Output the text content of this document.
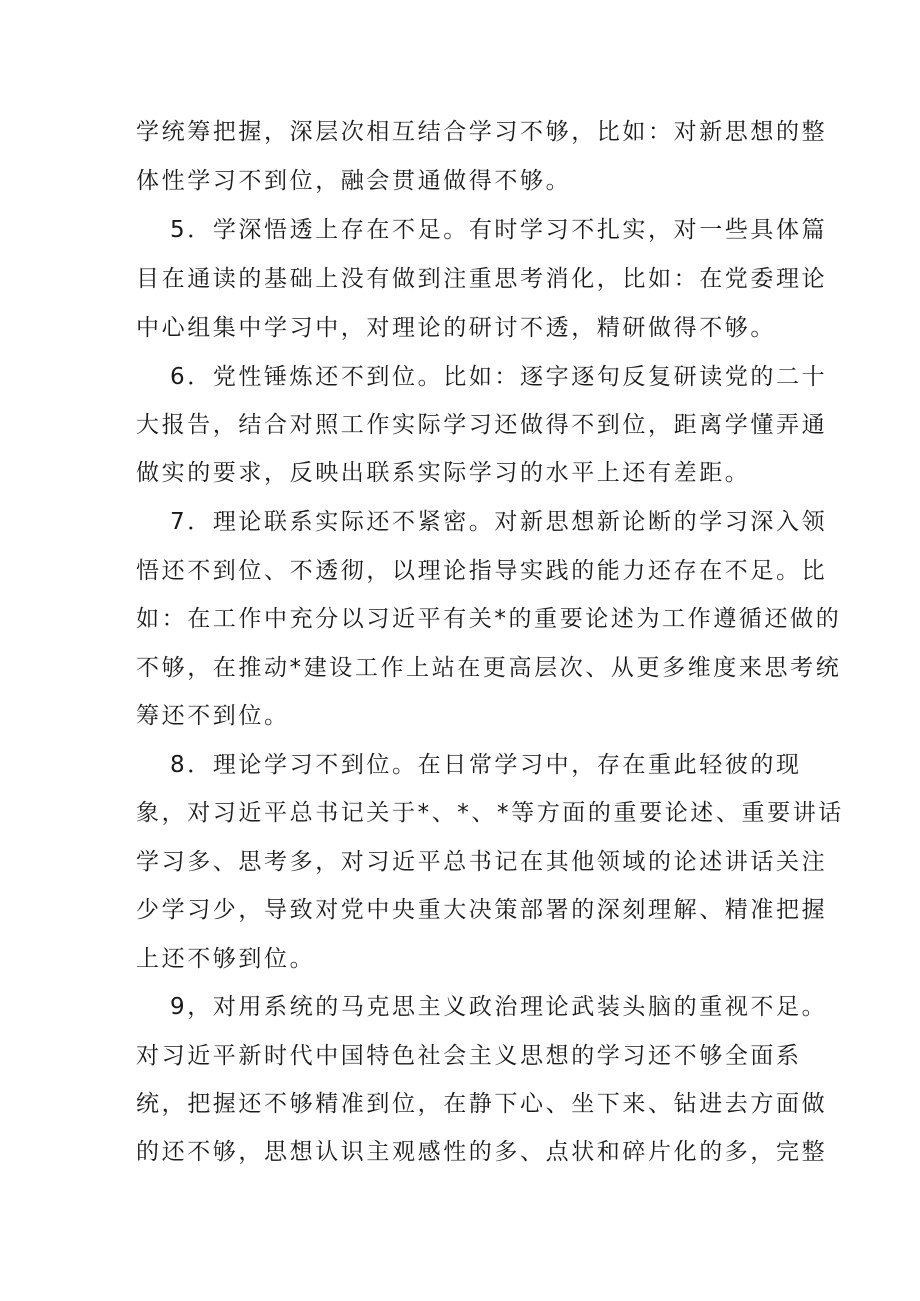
学统筹把握，深层次相互结合学习不够，比如：对新思想的整
体性学习不到位，融会贯通做得不够。
5．学深悟透上存在不足。有时学习不扎实，对一些具体篇
目在通读的基础上没有做到注重思考消化，比如：在党委理论
中心组集中学习中，对理论的研讨不透，精研做得不够。
6．党性锤炼还不到位。比如：逐字逐句反复研读党的二十
大报告，结合对照工作实际学习还做得不到位，距离学懂弄通
做实的要求，反映出联系实际学习的水平上还有差距。
7．理论联系实际还不紧密。对新思想新论断的学习深入领
悟还不到位、不透彻，以理论指导实践的能力还存在不足。比
如：在工作中充分以习近平有关*的重要论述为工作遵循还做的
不够，在推动*建设工作上站在更高层次、从更多维度来思考统
筹还不到位。
8．理论学习不到位。在日常学习中，存在重此轻彼的现
象，对习近平总书记关于*、*、*等方面的重要论述、重要讲话
学习多、思考多，对习近平总书记在其他领域的论述讲话关注
少学习少，导致对党中央重大决策部署的深刻理解、精准把握
上还不够到位。
9，对用系统的马克思主义政治理论武装头脑的重视不足。
对习近平新时代中国特色社会主义思想的学习还不够全面系
统，把握还不够精准到位，在静下心、坐下来、钻进去方面做
的还不够，思想认识主观感性的多、点状和碎片化的多，完整
